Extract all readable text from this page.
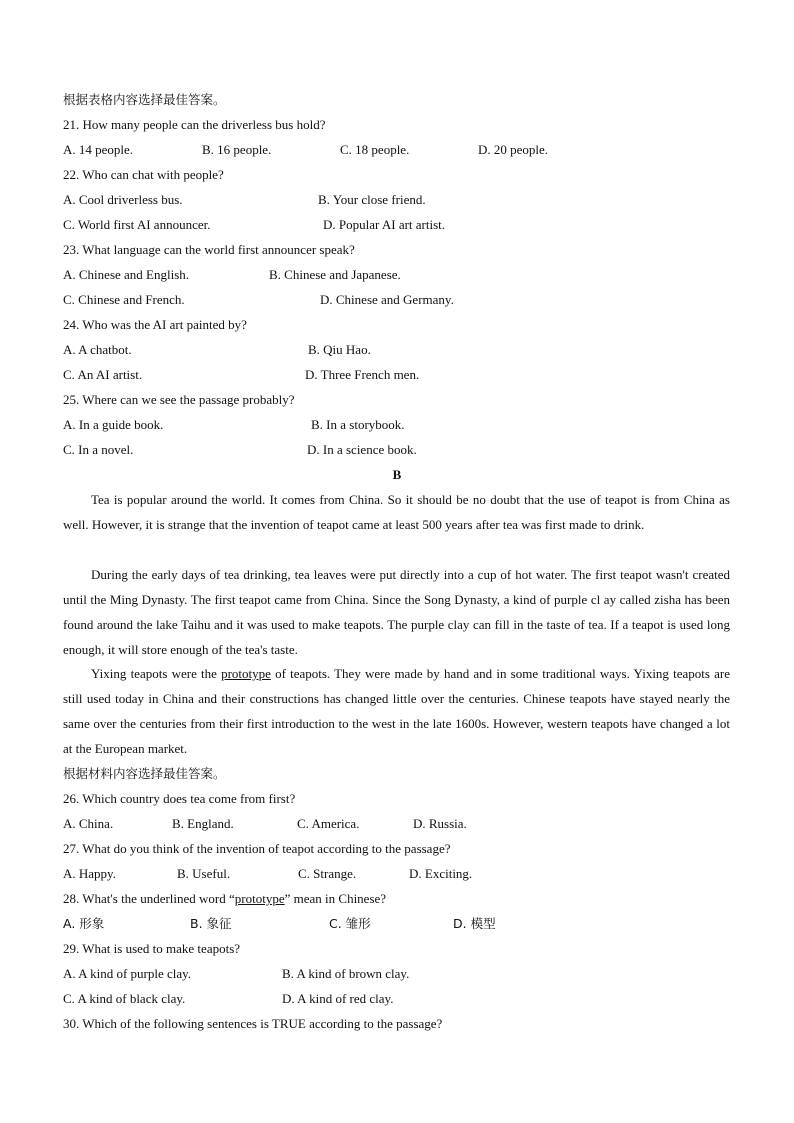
根据表格内容选择最佳答案。
21. How many people can the driverless bus hold?
A. 14 people.	B. 16 people.	C. 18 people.	D. 20 people.
22. Who can chat with people?
A. Cool driverless bus.	B. Your close friend.
C. World first AI announcer.	D. Popular AI art artist.
23. What language can the world first announcer speak?
A. Chinese and English.	B. Chinese and Japanese.
C. Chinese and French.	D. Chinese and Germany.
24. Who was the AI art painted by?
A. A chatbot.	B. Qiu Hao.
C. An AI artist.	D. Three French men.
25. Where can we see the passage probably?
A. In a guide book.	B. In a storybook.
C. In a novel.	D. In a science book.
B

Tea is popular around the world. It comes from China. So it should be no doubt that the use of teapot is from China as well. However, it is strange that the invention of teapot came at least 500 years after tea was first made to drink.

During the early days of tea drinking, tea leaves were put directly into a cup of hot water. The first teapot wasn't created until the Ming Dynasty. The first teapot came from China. Since the Song Dynasty, a kind of purple cl ay called zisha has been found around the lake Taihu and it was used to make teapots. The purple clay can fill in the taste of tea. If a teapot is used long enough, it will store enough of the tea's taste.

Yixing teapots were the prototype of teapots. They were made by hand and in some traditional ways. Yixing teapots are still used today in China and their constructions has changed little over the centuries. Chinese teapots have stayed nearly the same over the centuries from their first introduction to the west in the late 1600s. However, western teapots have changed a lot at the European market.

根据材料内容选择最佳答案。
26. Which country does tea come from first?
A. China.	B. England.	C. America.	D. Russia.
27. What do you think of the invention of teapot according to the passage?
A. Happy.	B. Useful.	C. Strange.	D. Exciting.
28. What's the underlined word “prototype” mean in Chinese?
A. 形象	B. 象征	C. 雏形	D. 模型
29. What is used to make teapots?
A. A kind of purple clay.	B. A kind of brown clay.
C. A kind of black clay.	D. A kind of red clay.
30. Which of the following sentences is TRUE according to the passage?
